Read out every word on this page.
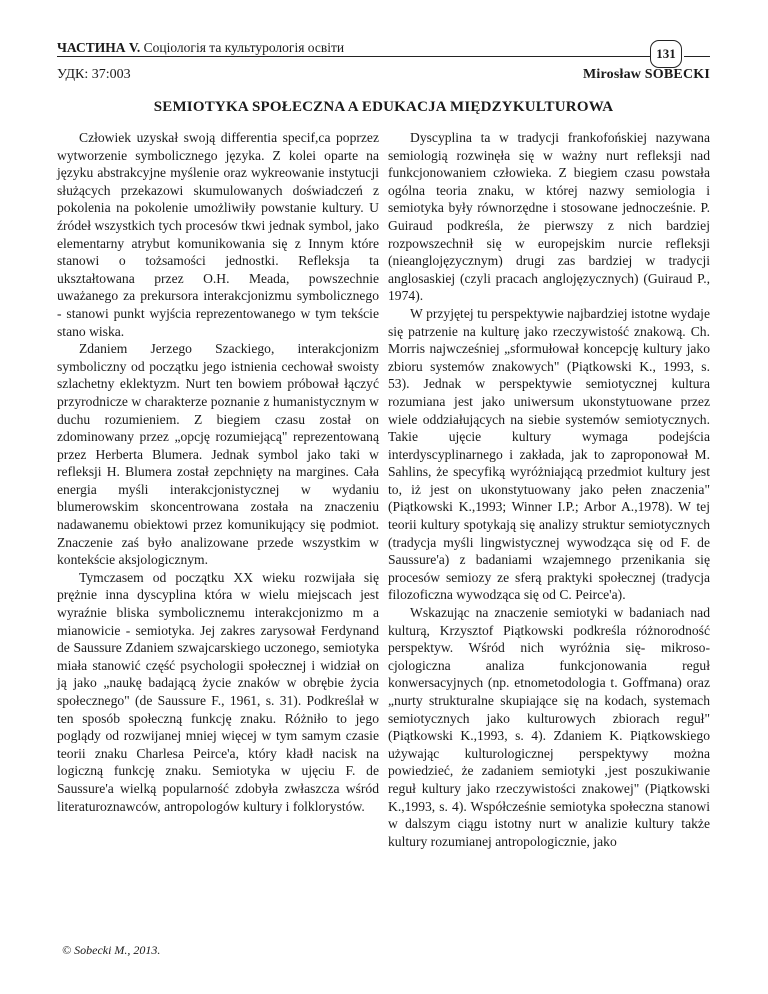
ЧАСТИНА V. Соціологія та культурологія освіти	131
УДК: 37:003	Mirosław SOBECKI
SEMIOTYKA SPOŁECZNA A EDUKACJA MIĘDZYKULTUROWA

Człowiek uzyskał swoją differentia specif,ca poprzez wytworzenie symbolicznego języka. Z kolei oparte na języku abstrakcyjne myślenie oraz wykreowanie instytucji służących przekazowi skumulowanych doświadczeń z pokolenia na pokolenie umożliwiły powstanie kultury. U źródeł wszystkich tych procesów tkwi jednak symbol, jako elementarny atrybut komunikowania się z Innym które stanowi o tożsamości jednostki. Refleksja ta ukształtowana przez O.H. Meada, powszechnie uważanego za prekursora interakcjonizmu symbolicznego - stanowi punkt wyjścia reprezentowanego w tym tekście stano wiska.

Zdaniem Jerzego Szackiego, interakcjonizm symboliczny od początku jego istnienia cechował swoisty szlachetny eklektyzm. Nurt ten bowiem próbował łączyć przyrodnicze w charakterze poznanie z humanistycznym w duchu rozumieniem. Z biegiem czasu został on zdominowany przez „opcję rozumiejącą" reprezentowaną przez Herberta Blumera. Jednak symbol jako taki w refleksji H. Blumera został zepchnięty na margines. Cała energia myśli interakcjonistycznej w wydaniu blumerowskim skoncentrowana została na znaczeniu nadawanemu obiektowi przez komunikujący się podmiot. Znaczenie zaś było analizowane przede wszystkim w kontekście aksjologicznym.

Tymczasem od początku XX wieku rozwijała się prężnie inna dyscyplina która w wielu miejscach jest wyraźnie bliska symbolicznemu interakcjonizmo m a mianowicie - semiotyka. Jej zakres zarysował Ferdynand de Saussure Zdaniem szwajcarskiego uczonego, semiotyka miała stanowić część psychologii społecznej i widział on ją jako „naukę badającą życie znaków w obrębie życia społecznego" (de Saussure F., 1961, s. 31). Podkreślał w ten sposób społeczną funkcję znaku. Różniło to jego poglądy od rozwijanej mniej więcej w tym samym czasie teorii znaku Charlesa Peirce'a, który kładł nacisk na logiczną funkcję znaku. Semiotyka w ujęciu F. de Saussure'a wielką popularność zdobyła zwłaszcza wśród literaturoznawców, antropologów kultury i folklorystów.

Dyscyplina ta w tradycji frankofońskiej nazywana semiologią rozwinęła się w ważny nurt refleksji nad funkcjonowaniem człowieka. Z biegiem czasu powstała ogólna teoria znaku, w której nazwy semiologia i semiotyka były równorzędne i stosowane jednocześnie. P. Guiraud podkreśla, że pierwszy z nich bardziej rozpowszechnił się w europejskim nurcie refleksji (nieanglojęzycznym) drugi zas bardziej w tradycji anglosaskiej (czyli pracach anglojęzycznych) (Guiraud P., 1974).

W przyjętej tu perspektywie najbardziej istotne wydaje się patrzenie na kulturę jako rzeczywistość znakową. Ch. Morris najwcześniej „sformułował koncepcję kultury jako zbioru systemów znakowych" (Piątkowski K., 1993, s. 53). Jednak w perspektywie semiotycznej kultura rozumiana jest jako uniwersum ukonstytuowane przez wiele oddziałujących na siebie systemów semiotycznych. Takie ujęcie kultury wymaga podejścia interdyscyplinarnego i zakłada, jak to zaproponował M. Sahlins, że specyfiką wyróżniającą przedmiot kultury jest to, iż jest on ukonstytuowany jako pełen znaczenia" (Piątkowski K.,1993; Winner I.P.; Arbor A.,1978). W tej teorii kultury spotykają się analizy struktur semiotycznych (tradycja myśli lingwistycznej wywodząca się od F. de Saussure'a) z badaniami wzajemnego przenikania się procesów semiozy ze sferą praktyki społecznej (tradycja filozoficzna wywodząca się od C. Peirce'a).

Wskazując na znaczenie semiotyki w badaniach nad kulturą, Krzysztof Piątkowski podkreśla różnorodność perspektyw. Wśród nich wyróżnia się- mikroso- cjologiczna analiza funkcjonowania reguł konwersacyjnych (np. etnometodologia t. Goffmana) oraz „nurty strukturalne skupiające się na kodach, systemach semiotycznych jako kulturowych zbiorach reguł" (Piątkowski K.,1993, s. 4). Zdaniem K. Piątkowskiego używając kulturologicznej perspektywy można powiedzieć, że zadaniem semiotyki ‚jest poszukiwanie reguł kultury jako rzeczywistości znakowej" (Piątkowski K.,1993, s. 4). Współcześnie semiotyka społeczna stanowi w dalszym ciągu istotny nurt w analizie kultury także kultury rozumianej antropologicznie, jako

© Sobecki M., 2013.
